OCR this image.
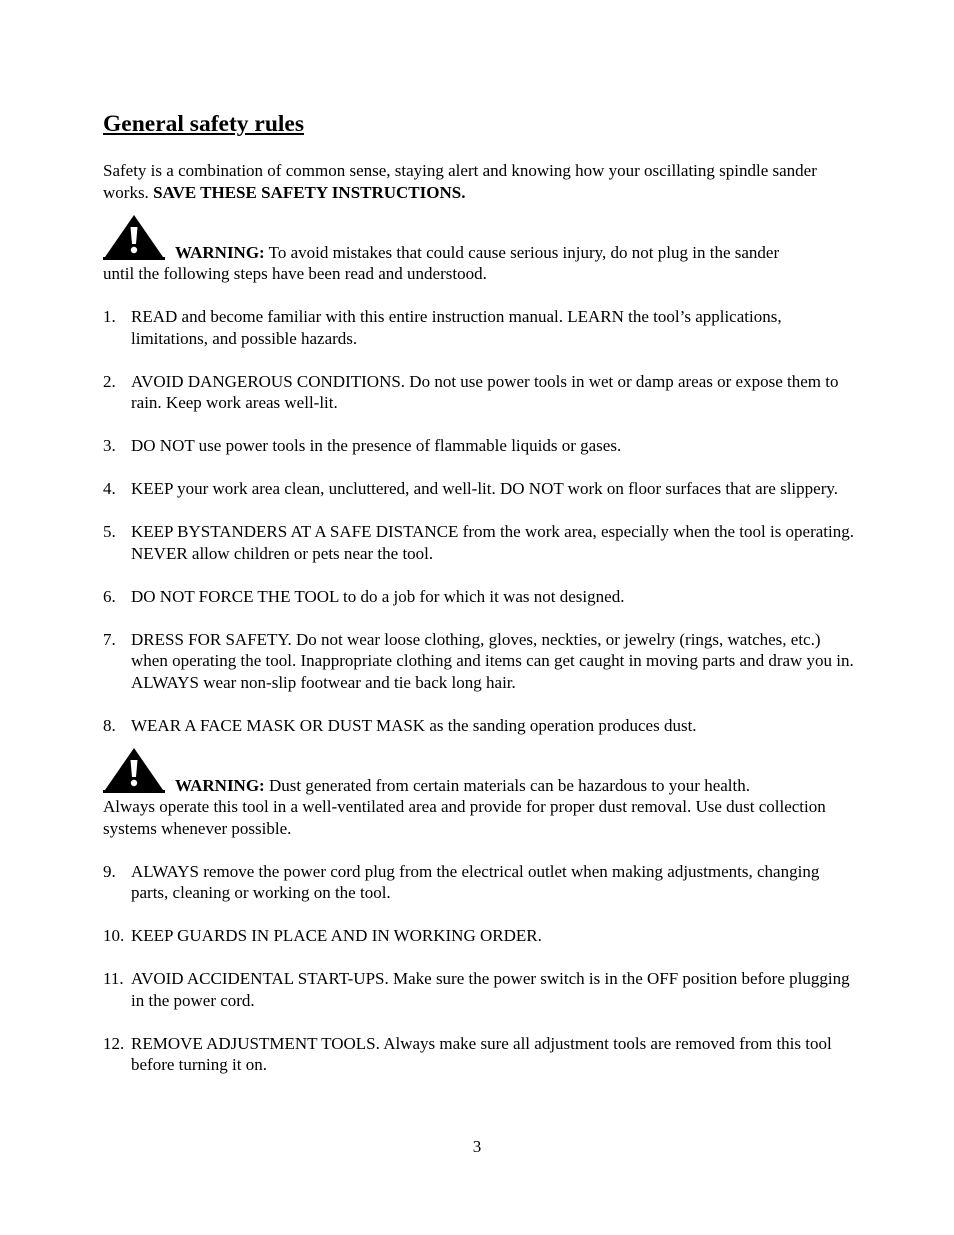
General safety rules

Safety is a combination of common sense, staying alert and knowing how your oscillating spindle sander works. SAVE THESE SAFETY INSTRUCTIONS.

WARNING: To avoid mistakes that could cause serious injury, do not plug in the sander

until the following steps have been read and understood.

1. READ and become familiar with this entire instruction manual. LEARN the tool’s applications, limitations, and possible hazards.
2. AVOID DANGEROUS CONDITIONS. Do not use power tools in wet or damp areas or expose them to rain. Keep work areas well-lit.
3. DO NOT use power tools in the presence of flammable liquids or gases.
4. KEEP your work area clean, uncluttered, and well-lit. DO NOT work on floor surfaces that are slippery.
5. KEEP BYSTANDERS AT A SAFE DISTANCE from the work area, especially when the tool is operating. NEVER allow children or pets near the tool.
6. DO NOT FORCE THE TOOL to do a job for which it was not designed.
7. DRESS FOR SAFETY. Do not wear loose clothing, gloves, neckties, or jewelry (rings, watches, etc.) when operating the tool. Inappropriate clothing and items can get caught in moving parts and draw you in. ALWAYS wear non-slip footwear and tie back long hair.
8. WEAR A FACE MASK OR DUST MASK as the sanding operation produces dust.

WARNING: Dust generated from certain materials can be hazardous to your health.

Always operate this tool in a well-ventilated area and provide for proper dust removal. Use dust collection systems whenever possible.

9. ALWAYS remove the power cord plug from the electrical outlet when making adjustments, changing parts, cleaning or working on the tool.
10. KEEP GUARDS IN PLACE AND IN WORKING ORDER.
11. AVOID ACCIDENTAL START-UPS. Make sure the power switch is in the OFF position before plugging in the power cord.
12. REMOVE ADJUSTMENT TOOLS. Always make sure all adjustment tools are removed from this tool before turning it on.
3
